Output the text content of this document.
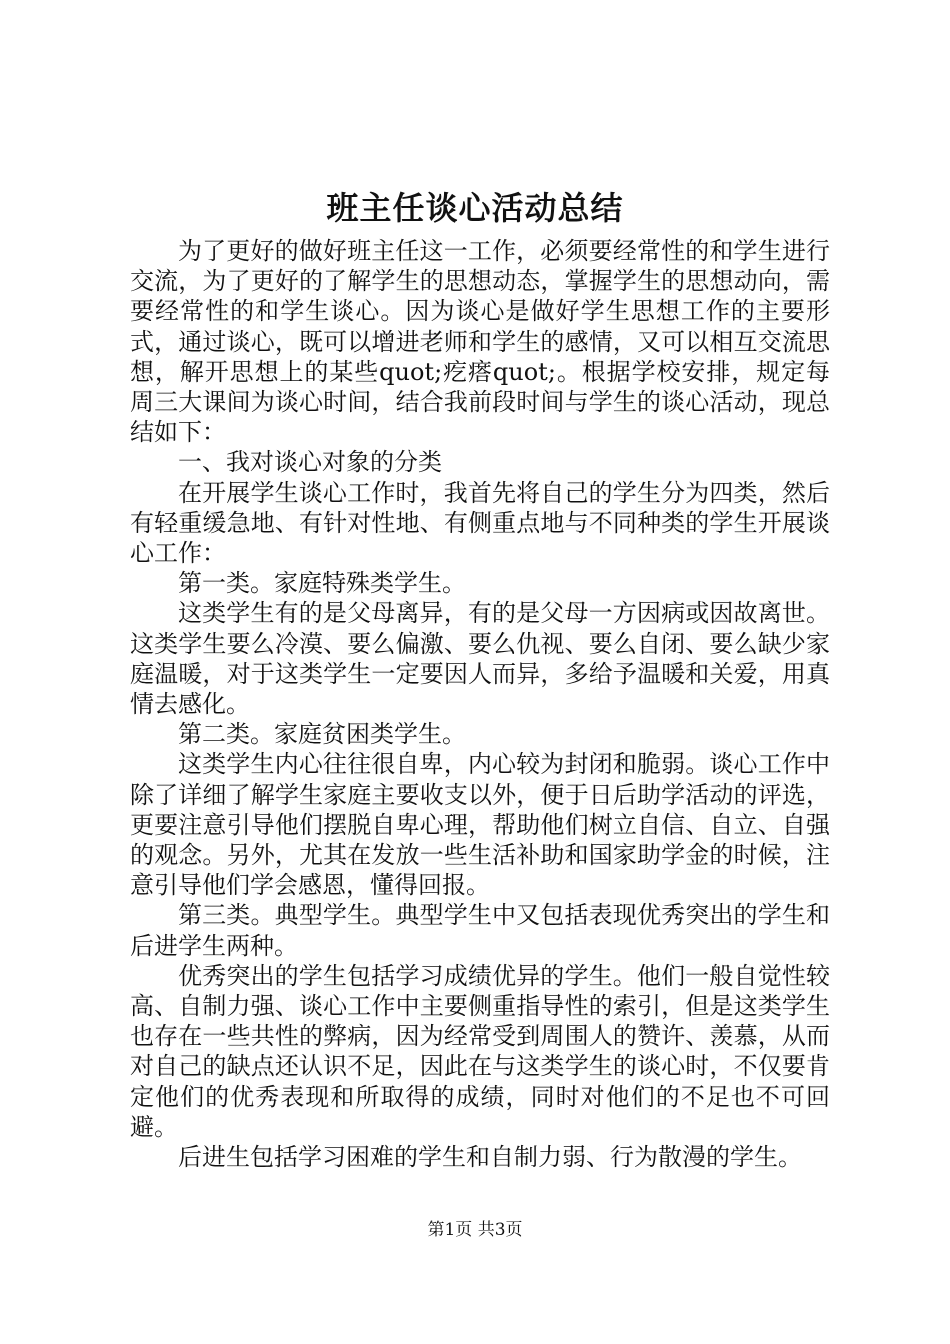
班主任谈心活动总结

为了更好的做好班主任这一工作，必须要经常性的和学生进行交流，为了更好的了解学生的思想动态，掌握学生的思想动向，需要经常性的和学生谈心。因为谈心是做好学生思想工作的主要形式，通过谈心，既可以增进老师和学生的感情，又可以相互交流思想，解开思想上的某些quot;疙瘩quot;。根据学校安排，规定每周三大课间为谈心时间，结合我前段时间与学生的谈心活动，现总结如下：

一、我对谈心对象的分类

在开展学生谈心工作时，我首先将自己的学生分为四类，然后有轻重缓急地、有针对性地、有侧重点地与不同种类的学生开展谈心工作：

第一类。家庭特殊类学生。

这类学生有的是父母离异，有的是父母一方因病或因故离世。这类学生要么冷漠、要么偏激、要么仇视、要么自闭、要么缺少家庭温暖，对于这类学生一定要因人而异，多给予温暖和关爱，用真情去感化。

第二类。家庭贫困类学生。

这类学生内心往往很自卑，内心较为封闭和脆弱。谈心工作中除了详细了解学生家庭主要收支以外，便于日后助学活动的评选，更要注意引导他们摆脱自卑心理，帮助他们树立自信、自立、自强的观念。另外，尤其在发放一些生活补助和国家助学金的时候，注意引导他们学会感恩，懂得回报。

第三类。典型学生。典型学生中又包括表现优秀突出的学生和后进学生两种。

优秀突出的学生包括学习成绩优异的学生。他们一般自觉性较高、自制力强、谈心工作中主要侧重指导性的索引，但是这类学生也存在一些共性的弊病，因为经常受到周围人的赞许、羡慕，从而对自己的缺点还认识不足，因此在与这类学生的谈心时，不仅要肯定他们的优秀表现和所取得的成绩，同时对他们的不足也不可回避。

后进生包括学习困难的学生和自制力弱、行为散漫的学生。

第1页 共3页
